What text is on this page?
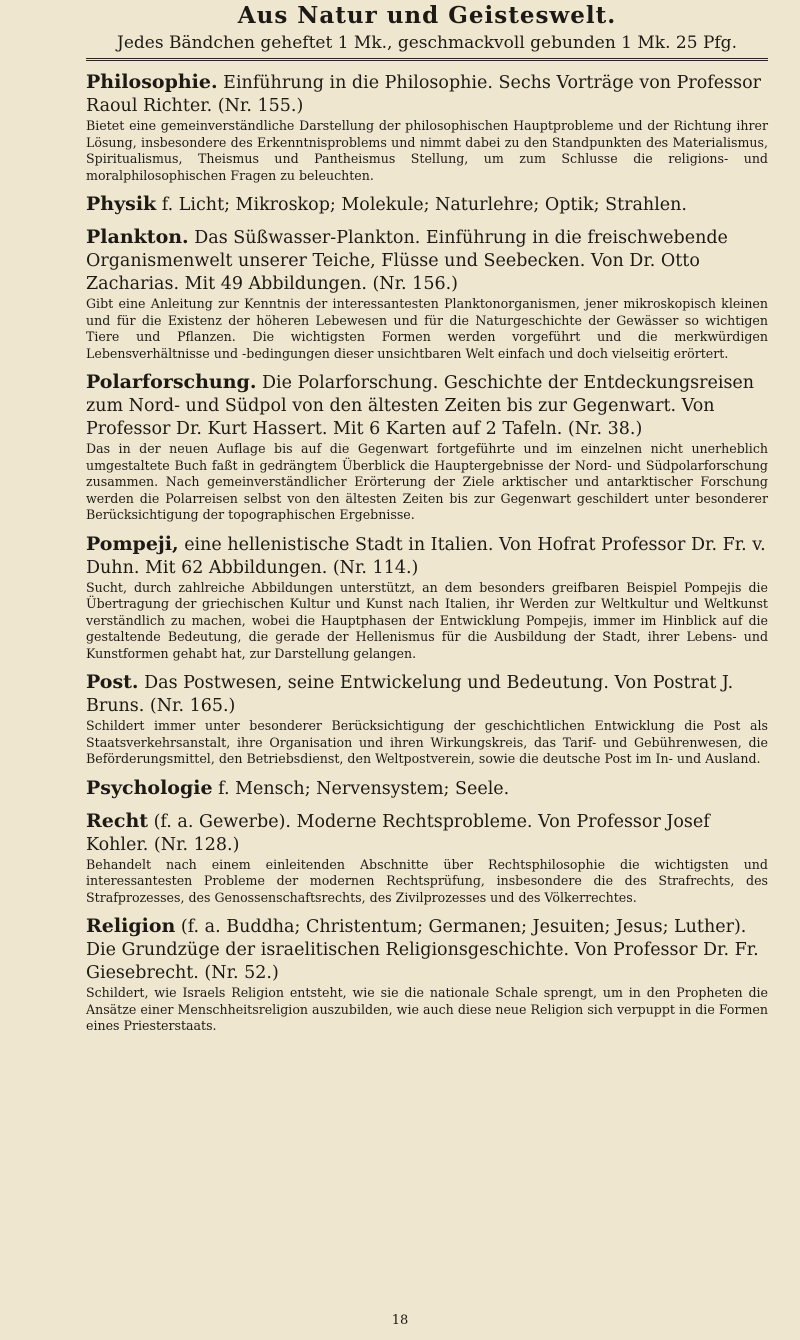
Aus Natur und Geisteswelt.
Jedes Bändchen geheftet 1 Mk., geschmackvoll gebunden 1 Mk. 25 Pfg.
Philosophie. Einführung in die Philosophie. Sechs Vorträge von Professor Raoul Richter. (Nr. 155.)
Bietet eine gemeinverständliche Darstellung der philosophischen Hauptprobleme und der Richtung ihrer Lösung, insbesondere des Erkenntnisproblems und nimmt dabei zu den Standpunkten des Materialismus, Spiritualismus, Theismus und Pantheismus Stellung, um zum Schlusse die religions- und moralphilosophischen Fragen zu beleuchten.
Physik f. Licht; Mikroskop; Molekule; Naturlehre; Optik; Strahlen.
Plankton. Das Süßwasser-Plankton. Einführung in die freischwebende Organismenwelt unserer Teiche, Flüsse und Seebecken. Von Dr. Otto Zacharias. Mit 49 Abbildungen. (Nr. 156.)
Gibt eine Anleitung zur Kenntnis der interessantesten Planktonorganismen, jener mikroskopisch kleinen und für die Existenz der höheren Lebewesen und für die Naturgeschichte der Gewässer so wichtigen Tiere und Pflanzen. Die wichtigsten Formen werden vorgeführt und die merkwürdigen Lebensverhältnisse und -bedingungen dieser unsichtbaren Welt einfach und doch vielseitig erörtert.
Polarforschung. Die Polarforschung. Geschichte der Entdeckungsreisen zum Nord- und Südpol von den ältesten Zeiten bis zur Gegenwart. Von Professor Dr. Kurt Hassert. Mit 6 Karten auf 2 Tafeln. (Nr. 38.)
Das in der neuen Auflage bis auf die Gegenwart fortgeführte und im einzelnen nicht unerheblich umgestaltete Buch faßt in gedrängtem Überblick die Hauptergebnisse der Nord- und Südpolarforschung zusammen. Nach gemeinverständlicher Erörterung der Ziele arktischer und antarktischer Forschung werden die Polarreisen selbst von den ältesten Zeiten bis zur Gegenwart geschildert unter besonderer Berücksichtigung der topographischen Ergebnisse.
Pompeji, eine hellenistische Stadt in Italien. Von Hofrat Professor Dr. Fr. v. Duhn. Mit 62 Abbildungen. (Nr. 114.)
Sucht, durch zahlreiche Abbildungen unterstützt, an dem besonders greifbaren Beispiel Pompejis die Übertragung der griechischen Kultur und Kunst nach Italien, ihr Werden zur Weltkultur und Weltkunst verständlich zu machen, wobei die Hauptphasen der Entwicklung Pompejis, immer im Hinblick auf die gestaltende Bedeutung, die gerade der Hellenismus für die Ausbildung der Stadt, ihrer Lebens- und Kunstformen gehabt hat, zur Darstellung gelangen.
Post. Das Postwesen, seine Entwickelung und Bedeutung. Von Postrat J. Bruns. (Nr. 165.)
Schildert immer unter besonderer Berücksichtigung der geschichtlichen Entwicklung die Post als Staatsverkehrsanstalt, ihre Organisation und ihren Wirkungskreis, das Tarif- und Gebührenwesen, die Beförderungsmittel, den Betriebsdienst, den Weltpostverein, sowie die deutsche Post im In- und Ausland.
Psychologie f. Mensch; Nervensystem; Seele.
Recht (f. a. Gewerbe). Moderne Rechtsprobleme. Von Professor Josef Kohler. (Nr. 128.)
Behandelt nach einem einleitenden Abschnitte über Rechtsphilosophie die wichtigsten und interessantesten Probleme der modernen Rechtsprüfung, insbesondere die des Strafrechts, des Strafprozesses, des Genossenschaftsrechts, des Zivilprozesses und des Völkerrechtes.
Religion (f. a. Buddha; Christentum; Germanen; Jesuiten; Jesus; Luther). Die Grundzüge der israelitischen Religionsgeschichte. Von Professor Dr. Fr. Giesebrecht. (Nr. 52.)
Schildert, wie Israels Religion entsteht, wie sie die nationale Schale sprengt, um in den Propheten die Ansätze einer Menschheitsreligion auszubilden, wie auch diese neue Religion sich verpuppt in die Formen eines Priesterstaats.
18
